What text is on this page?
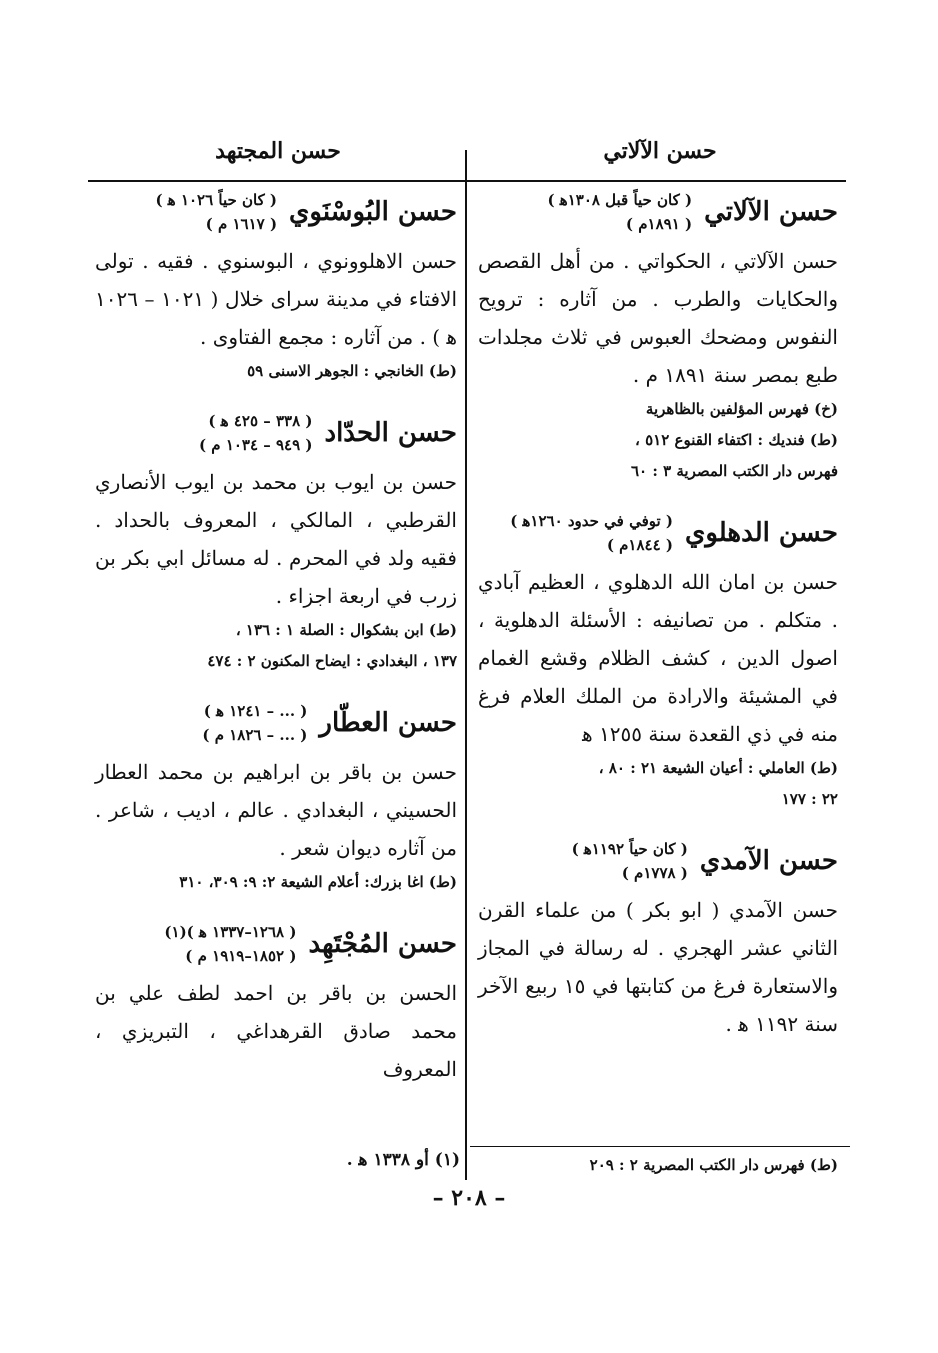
حسن الآلاتي
حسن المجتهد
حسن الآلاتي
( كان حياً قبل ١٣٠٨ﻫ )
( ١٨٩١م )
حسن الآلاتي ، الحكواتي . من أهل القصص والحكايات والطرب . من آثاره : ترويح النفوس ومضحك العبوس في ثلاث مجلدات طبع بمصر سنة ١٨٩١ م .
(خ) فهرس المؤلفين بالظاهرية
(ط) فنديك : اكتفاء القنوع ٥١٢ ،
فهرس دار الكتب المصرية ٣ : ٦٠
حسن الدهلوي
( توفي في حدود ١٢٦٠ﻫ )
( ١٨٤٤م )
حسن بن امان الله الدهلوي ، العظيم آبادي . متكلم . من تصانيفه : الأسئلة الدهلوية ، اصول الدين ، كشف الظلام وقشع الغمام في المشيئة والارادة من الملك العلام فرغ منه في ذي القعدة سنة ١٢٥٥ ﻫ
(ط) العاملي : أعيان الشيعة ٢١ : ٨٠ ،
٢٢ : ١٧٧
حسن الآمدي
( كان حياً ١١٩٢ﻫ )
( ١٧٧٨م )
حسن الآمدي ( ابو بكر ) من علماء القرن الثاني عشر الهجري . له رسالة في المجاز والاستعارة فرغ من كتابتها في ١٥ ربيع الآخر سنة ١١٩٢ ﻫ .
(ط) فهرس دار الكتب المصرية ٢ : ٢٠٩
حسن البُوسْنَوي
( كان حياً ١٠٢٦ ﻫ )
( ١٦١٧ م )
حسن الاهلوونوي ، البوسنوي . فقيه . تولى الافتاء في مدينة سراى خلال ( ١٠٢١ – ١٠٢٦ ﻫ ) . من آثاره : مجمع الفتاوى .
(ط) الخانجي : الجوهر الاسنى ٥٩
حسن الحدّاد
( ٣٣٨ – ٤٢٥ ﻫ )
( ٩٤٩ – ١٠٣٤ م )
حسن بن ايوب بن محمد بن ايوب الأنصاري القرطبي ، المالكي ، المعروف بالحداد . فقيه ولد في المحرم . له مسائل ابي بكر بن زرب في اربعة اجزاء .
(ط) ابن بشكوال : الصلة ١ : ١٣٦ ،
١٣٧ ، البغدادي : ايضاح المكنون ٢ : ٤٧٤
حسن العطّار
( ... – ١٢٤١ ﻫ )
( ... – ١٨٢٦ م )
حسن بن باقر بن ابراهيم بن محمد العطار الحسيني ، البغدادي . عالم ، اديب ، شاعر . من آثاره ديوان شعر .
(ط) اغا بزرك: أعلام الشيعة ٢: ٩: ٣٠٩، ٣١٠
حسن المُجْتَهِد
( ١٢٦٨–١٣٣٧ ﻫ )(١)
( ١٨٥٢–١٩١٩ م )
الحسن بن باقر بن احمد لطف علي بن محمد صادق القرهداغي ، التبريزي ، المعروف
(١) أو ١٣٣٨ ﻫ .
– ٢٠٨ –
